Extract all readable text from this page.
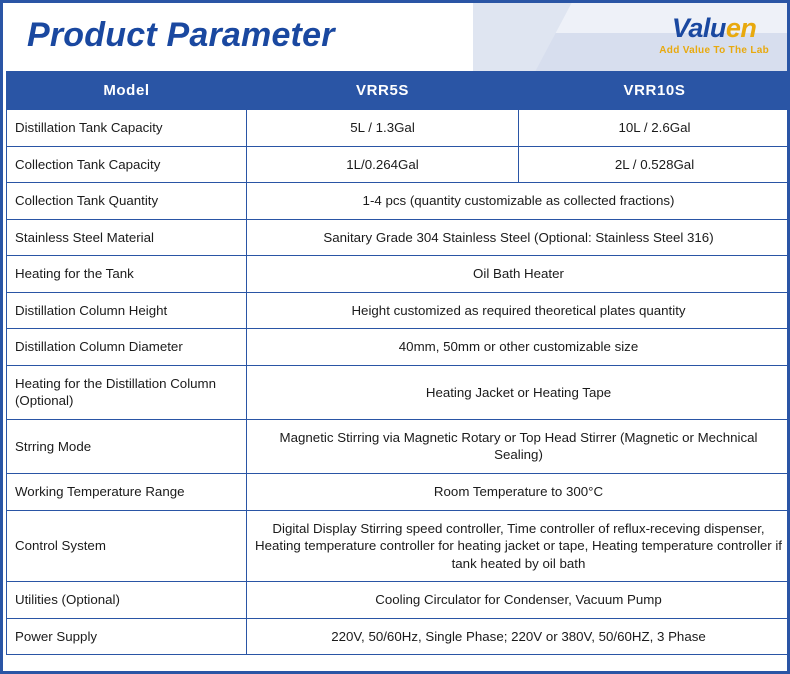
Product Parameter	Valuen
Add Value To The Lab
Model	VRR5S	VRR10S
Distillation Tank Capacity	5L / 1.3Gal	10L / 2.6Gal
Collection Tank Capacity	1L/0.264Gal	2L / 0.528Gal
Collection Tank Quantity	1-4 pcs (quantity customizable as collected fractions)	
Stainless Steel Material	Sanitary Grade 304 Stainless Steel (Optional: Stainless Steel 316)	
Heating for the Tank	Oil Bath Heater	
Distillation Column Height	Height customized as required theoretical plates quantity	
Distillation Column Diameter	40mm, 50mm or other customizable size	
Heating for the Distillation Column (Optional)	Heating Jacket or Heating Tape	
Strring Mode	Magnetic Stirring via Magnetic Rotary or Top Head Stirrer (Magnetic or Mechnical Sealing)	
Working Temperature Range	Room Temperature to 300°C	
Control System	Digital Display Stirring speed controller, Time controller of reflux-receving dispenser, Heating temperature controller for heating jacket or tape, Heating temperature controller if tank heated by oil bath	
Utilities (Optional)	Cooling Circulator for Condenser, Vacuum Pump	
Power Supply	220V, 50/60Hz, Single Phase; 220V or 380V, 50/60HZ, 3 Phase	
